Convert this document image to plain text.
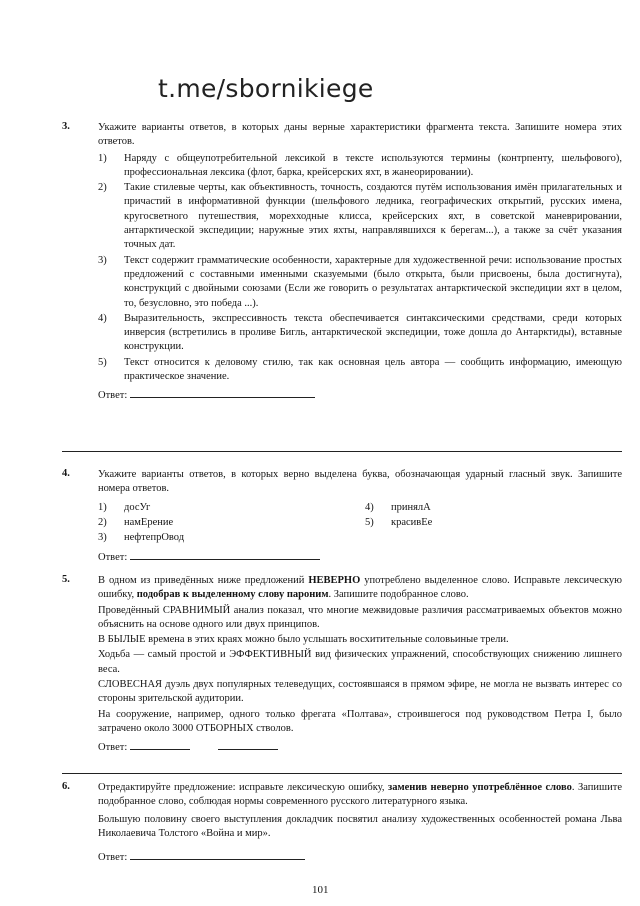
t.me/sbornikiege
3.	Укажите варианты ответов, в которых даны верные характеристики фрагмента текста. Запишите номера этих ответов.

1) Наряду с общеупотребительной лексикой в тексте используются термины (контрпенту, шельфового), профессиональная лексика (флот, барка, крейсерских яхт, в жанеорировании).
2) Такие стилевые черты, как объективность, точность, создаются путём использования имён прилагательных и причастий в информативной функции (шельфового ледника, географических открытий, русских имена, кругосветного путешествия, морехходные клисса, крейсерских яхт, в советской маневрировании, антарктической экспедиции; наружные этих яхты, направлявшихся к берегам...), а также за счёт указания точных дат.
3) Текст содержит грамматические особенности, характерные для художественной речи: использование простых предложений с составными именными сказуемыми (было открыта, были присвоены, была достигнута), конструкций с двойными союзами (Если же говорить о результатах антарктической экспедиции яхт в целом, то, безусловно, это победа ...).
4) Выразительность, экспрессивность текста обеспечивается синтаксическими средствами, среди которых инверсия (встретились в проливе Бигль, антарктической экспедиции, тоже дошла до Антарктиды), вставные конструкции.
5) Текст относится к деловому стилю, так как основная цель автора — сообщить информацию, имеющую практическое значение.
Ответ:
4.	Укажите варианты ответов, в которых верно выделена буква, обозначающая ударный гласный звук. Запишите номера ответов.

1) досУг
2) намЕрение
3) нефтепрОвод
4) принялА
5) красивЕе
Ответ:
5.	В одном из приведённых ниже предложений НЕВЕРНО употреблено выделенное слово. Исправьте лексическую ошибку, подобрав к выделенному слову пароним. Запишите подобранное слово.

Проведённый СРАВНИМЫЙ анализ показал, что многие межвидовые различия рассматриваемых объектов можно объяснить на основе одного или двух принципов.

В БЫЛЫЕ времена в этих краях можно было услышать восхитительные соловьиные трели.

Ходьба — самый простой и ЭФФЕКТИВНЫЙ вид физических упражнений, способствующих снижению лишнего веса.

СЛОВЕСНАЯ дуэль двух популярных телеведущих, состоявшаяся в прямом эфире, не могла не вызвать интерес со стороны зрительской аудитории.

На сооружение, например, одного только фрегата «Полтава», строившегося под руководством Петра I, было затрачено около 3000 ОТБОРНЫХ стволов.

Ответ:
6.	Отредактируйте предложение: исправьте лексическую ошибку, заменив неверно употреблённое слово. Запишите подобранное слово, соблюдая нормы современного русского литературного языка.

Большую половину своего выступления докладчик посвятил анализу художественных особенностей романа Льва Николаевича Толстого «Война и мир».

Ответ:
101
